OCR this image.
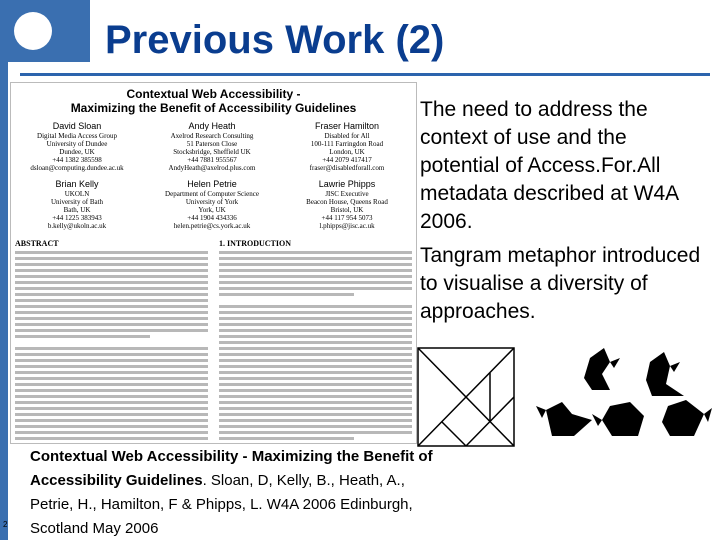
Previous Work (2)
Contextual Web Accessibility -
Maximizing the Benefit of Accessibility Guidelines
David Sloan
Digital Media Access Group
University of Dundee
Dundee, UK
+44 1382 385598
dsloan@computing.dundee.ac.uk
Andy Heath
Axelrod Research Consulting
51 Paterson Close
Stocksbridge, Sheffield UK
+44 7881 955567
AndyHeath@axelrod.plus.com
Fraser Hamilton
Disabled for All
100-111 Farringdon Road
London, UK
+44 2079 417417
fraser@disabledforall.com
Brian Kelly
UKOLN
University of Bath
Bath, UK
+44 1225 383943
b.kelly@ukoln.ac.uk
Helen Petrie
Department of Computer Science
University of York
York, UK
+44 1904 434336
helen.petrie@cs.york.ac.uk
Lawrie Phipps
JISC Executive
Beacon House, Queens Road
Bristol, UK
+44 117 954 5073
l.phipps@jisc.ac.uk
ABSTRACT	1. INTRODUCTION

The need to address the context of use and the potential of Access.For.All metadata described at W4A 2006.

Tangram metaphor introduced to visualise a diversity of approaches.

Contextual Web Accessibility - Maximizing the Benefit of Accessibility Guidelines. Sloan, D, Kelly, B., Heath, A., Petrie, H., Hamilton, F & Phipps, L. W4A 2006 Edinburgh, Scotland May 2006
2
